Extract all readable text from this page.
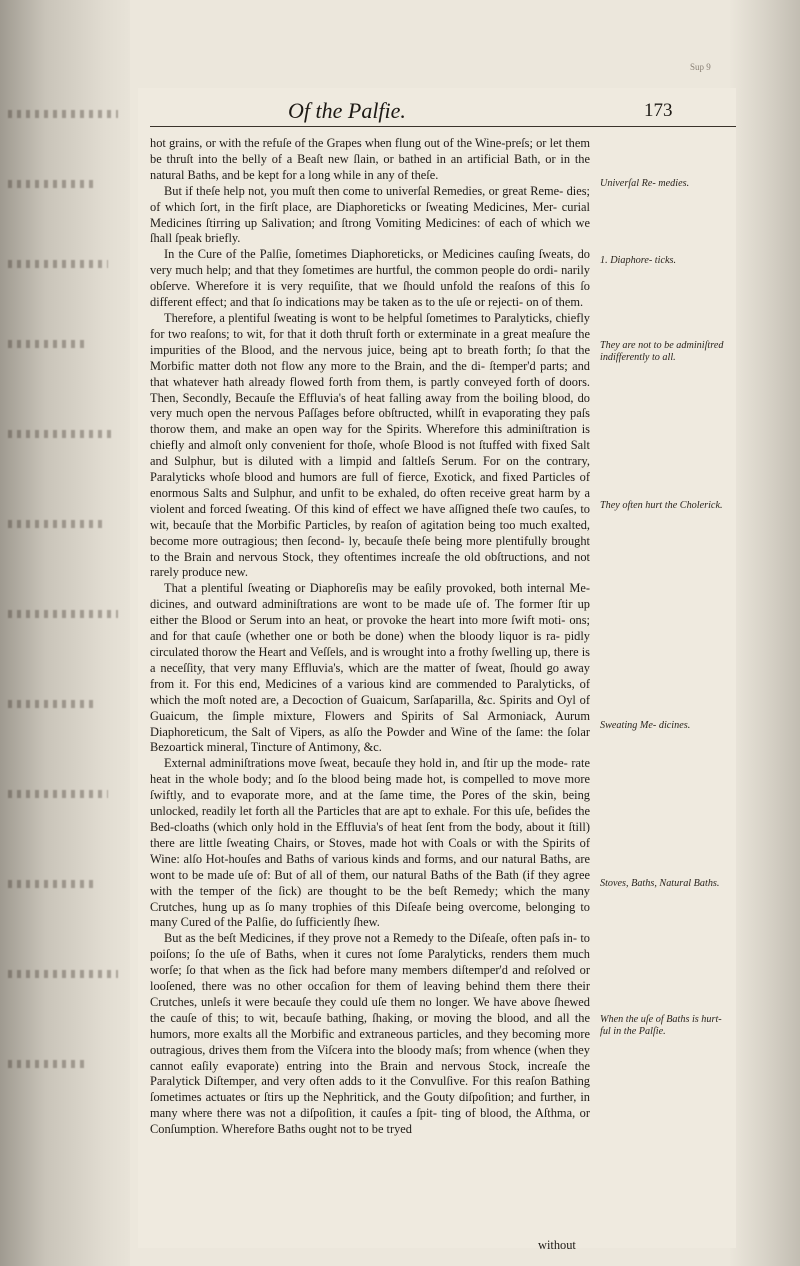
Sup 9
Of the Palfie.	173

hot grains, or with the refuſe of the Grapes when flung out of the Wine-preſs; or let them be thruſt into the belly of a Beaſt new ſlain, or bathed in an artificial Bath, or in the natural Baths, and be kept for a long while in any of theſe.

But if theſe help not, you muſt then come to univerſal Remedies, or great Reme- dies; of which ſort, in the firſt place, are Diaphoreticks or ſweating Medicines, Mer- curial Medicines ſtirring up Salivation; and ſtrong Vomiting Medicines: of each of which we ſhall ſpeak briefly.

In the Cure of the Palſie, ſometimes Diaphoreticks, or Medicines cauſing ſweats, do very much help; and that they ſometimes are hurtful, the common people do ordi- narily obſerve. Wherefore it is very requiſite, that we ſhould unfold the reaſons of this ſo different effect; and that ſo indications may be taken as to the uſe or rejecti- on of them.

Therefore, a plentiful ſweating is wont to be helpful ſometimes to Paralyticks, chiefly for two reaſons; to wit, for that it doth thruſt forth or exterminate in a great meaſure the impurities of the Blood, and the nervous juice, being apt to breath forth; ſo that the Morbific matter doth not flow any more to the Brain, and the di- ſtemper'd parts; and that whatever hath already flowed forth from them, is partly conveyed forth of doors. Then, Secondly, Becauſe the Effluvia's of heat falling away from the boiling blood, do very much open the nervous Paſſages before obſtructed, whilſt in evaporating they paſs thorow them, and make an open way for the Spirits. Wherefore this adminiſtration is chiefly and almoſt only convenient for thoſe, whoſe Blood is not ſtuffed with fixed Salt and Sulphur, but is diluted with a limpid and ſaltleſs Serum. For on the contrary, Paralyticks whoſe blood and humors are full of fierce, Exotick, and fixed Particles of enormous Salts and Sulphur, and unfit to be exhaled, do often receive great harm by a violent and forced ſweating. Of this kind of effect we have aſſigned theſe two cauſes, to wit, becauſe that the Morbific Particles, by reaſon of agitation being too much exalted, become more outragious; then ſecond- ly, becauſe theſe being more plentifully brought to the Brain and nervous Stock, they oftentimes increaſe the old obſtructions, and not rarely produce new.

That a plentiful ſweating or Diaphoreſis may be eaſily provoked, both internal Me- dicines, and outward adminiſtrations are wont to be made uſe of. The former ſtir up either the Blood or Serum into an heat, or provoke the heart into more ſwift moti- ons; and for that cauſe (whether one or both be done) when the bloody liquor is ra- pidly circulated thorow the Heart and Veſſels, and is wrought into a frothy ſwelling up, there is a neceſſity, that very many Effluvia's, which are the matter of ſweat, ſhould go away from it. For this end, Medicines of a various kind are commended to Paralyticks, of which the moſt noted are, a Decoction of Guaicum, Sarſaparilla, &c. Spirits and Oyl of Guaicum, the ſimple mixture, Flowers and Spirits of Sal Armoniack, Aurum Diaphoreticum, the Salt of Vipers, as alſo the Powder and Wine of the ſame: the ſolar Bezoartick mineral, Tincture of Antimony, &c.

External adminiſtrations move ſweat, becauſe they hold in, and ſtir up the mode- rate heat in the whole body; and ſo the blood being made hot, is compelled to move more ſwiftly, and to evaporate more, and at the ſame time, the Pores of the skin, being unlocked, readily let forth all the Particles that are apt to exhale. For this uſe, beſides the Bed-cloaths (which only hold in the Effluvia's of heat ſent from the body, about it ſtill) there are little ſweating Chairs, or Stoves, made hot with Coals or with the Spirits of Wine: alſo Hot-houſes and Baths of various kinds and forms, and our natural Baths, are wont to be made uſe of: But of all of them, our natural Baths of the Bath (if they agree with the temper of the ſick) are thought to be the beſt Remedy; which the many Crutches, hung up as ſo many trophies of this Diſeaſe being overcome, belonging to many Cured of the Palſie, do ſufficiently ſhew.

But as the beſt Medicines, if they prove not a Remedy to the Diſeaſe, often paſs in- to poiſons; ſo the uſe of Baths, when it cures not ſome Paralyticks, renders them much worſe; ſo that when as the ſick had before many members diſtemper'd and reſolved or looſened, there was no other occaſion for them of leaving behind them there their Crutches, unleſs it were becauſe they could uſe them no longer. We have above ſhewed the cauſe of this; to wit, becauſe bathing, ſhaking, or moving the blood, and all the humors, more exalts all the Morbific and extraneous particles, and they becoming more outragious, drives them from the Viſcera into the bloody maſs; from whence (when they cannot eaſily evaporate) entring into the Brain and nervous Stock, increaſe the Paralytick Diſtemper, and very often adds to it the Convulſive. For this reaſon Bathing ſometimes actuates or ſtirs up the Nephritick, and the Gouty diſpoſition; and further, in many where there was not a diſpoſition, it cauſes a ſpit- ting of blood, the Aſthma, or Conſumption. Wherefore Baths ought not to be tryed

without
Univerſal Re- medies.
1. Diaphore- ticks.
They are not to be adminiſtred indifferently to all.
They often hurt the Cholerick.
Sweating Me- dicines.
Stoves, Baths, Natural Baths.
When the uſe of Baths is hurt- ful in the Palſie.
